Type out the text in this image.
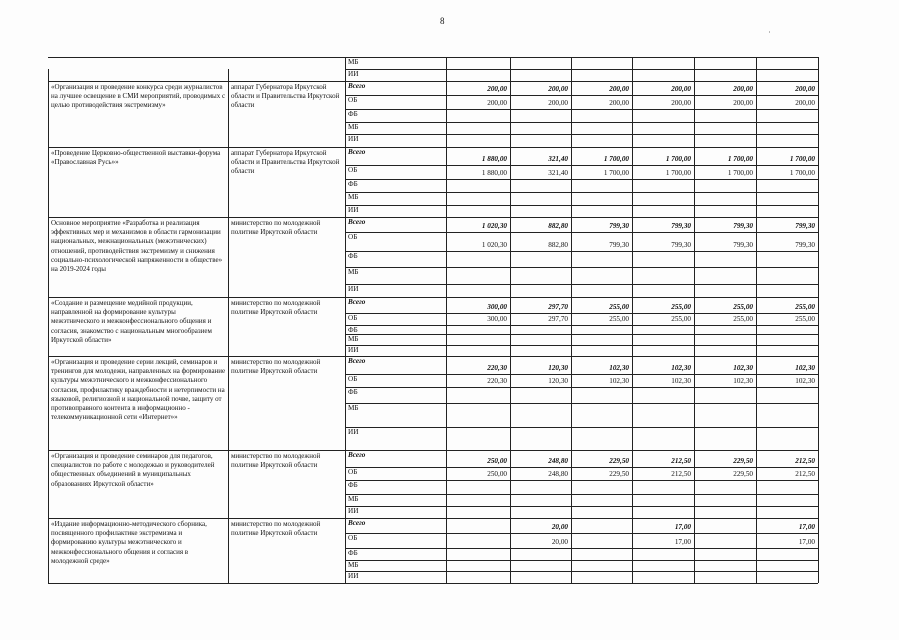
8
ʿ
МБ
ИИ
«Организация и проведение конкурса среди журналистов на лучшее освещение в СМИ мероприятий, проводимых с целью противодействия экстремизму»
аппарат Губернатора Иркутской области и Правительства Иркутской области
Всего
ОБ
ФБ
МБ
ИИ
200,00
200,00
200,00
200,00
200,00
200,00
200,00
200,00
200,00
200,00
200,00
200,00
«Проведение Церковно-общественной выставки-форума «Православная Русь»»
аппарат Губернатора Иркутской области и Правительства Иркутской области
Всего
ОБ
ФБ
МБ
ИИ
1 880,00
1 880,00
321,40
321,40
1 700,00
1 700,00
1 700,00
1 700,00
1 700,00
1 700,00
1 700,00
1 700,00
Основное мероприятие «Разработка и реализация эффективных мер и механизмов в области гармонизации национальных, межнациональных (межэтнических) отношений, противодействия экстремизму и снижения социально-психологической напряженности в обществе» на 2019-2024 годы
министерство по молодежной политике Иркутской области
Всего
ОБ
ФБ
МБ
ИИ
1 020,30
1 020,30
882,80
882,80
799,30
799,30
799,30
799,30
799,30
799,30
799,30
799,30
«Создание и размещение медийной продукции, направленной на формирование культуры межэтнического и межконфессионального общения и согласия, знакомство с национальным многообразием Иркутской области»
министерство по молодежной политике Иркутской области
Всего
ОБ
ФБ
МБ
ИИ
300,00
300,00
297,70
297,70
255,00
255,00
255,00
255,00
255,00
255,00
255,00
255,00
«Организация и проведение серии лекций, семинаров и тренингов для молодежи, направленных на формирование культуры межэтнического и межконфессионального согласия, профилактику враждебности и нетерпимости на языковой, религиозной и национальной почве, защиту от противоправного контента в информационно - телекоммуникационной сети «Интернет»»
министерство по молодежной политике Иркутской области
Всего
ОБ
ФБ
МБ
ИИ
220,30
220,30
120,30
120,30
102,30
102,30
102,30
102,30
102,30
102,30
102,30
102,30
«Организация и проведение семинаров для педагогов, специалистов по работе с молодежью и руководителей общественных объединений в муниципальных образованиях Иркутской области»
министерство по молодежной политике Иркутской области
Всего
ОБ
ФБ
МБ
ИИ
250,00
250,00
248,80
248,80
229,50
229,50
212,50
212,50
229,50
229,50
212,50
212,50
«Издание информационно-методического сборника, посвященного профилактике экстремизма и формированию культуры межэтнического и межконфессионального общения и согласия в молодежной среде»
министерство по молодежной политике Иркутской области
Всего
ОБ
ФБ
МБ
ИИ
20,00
20,00
17,00
17,00
17,00
17,00
